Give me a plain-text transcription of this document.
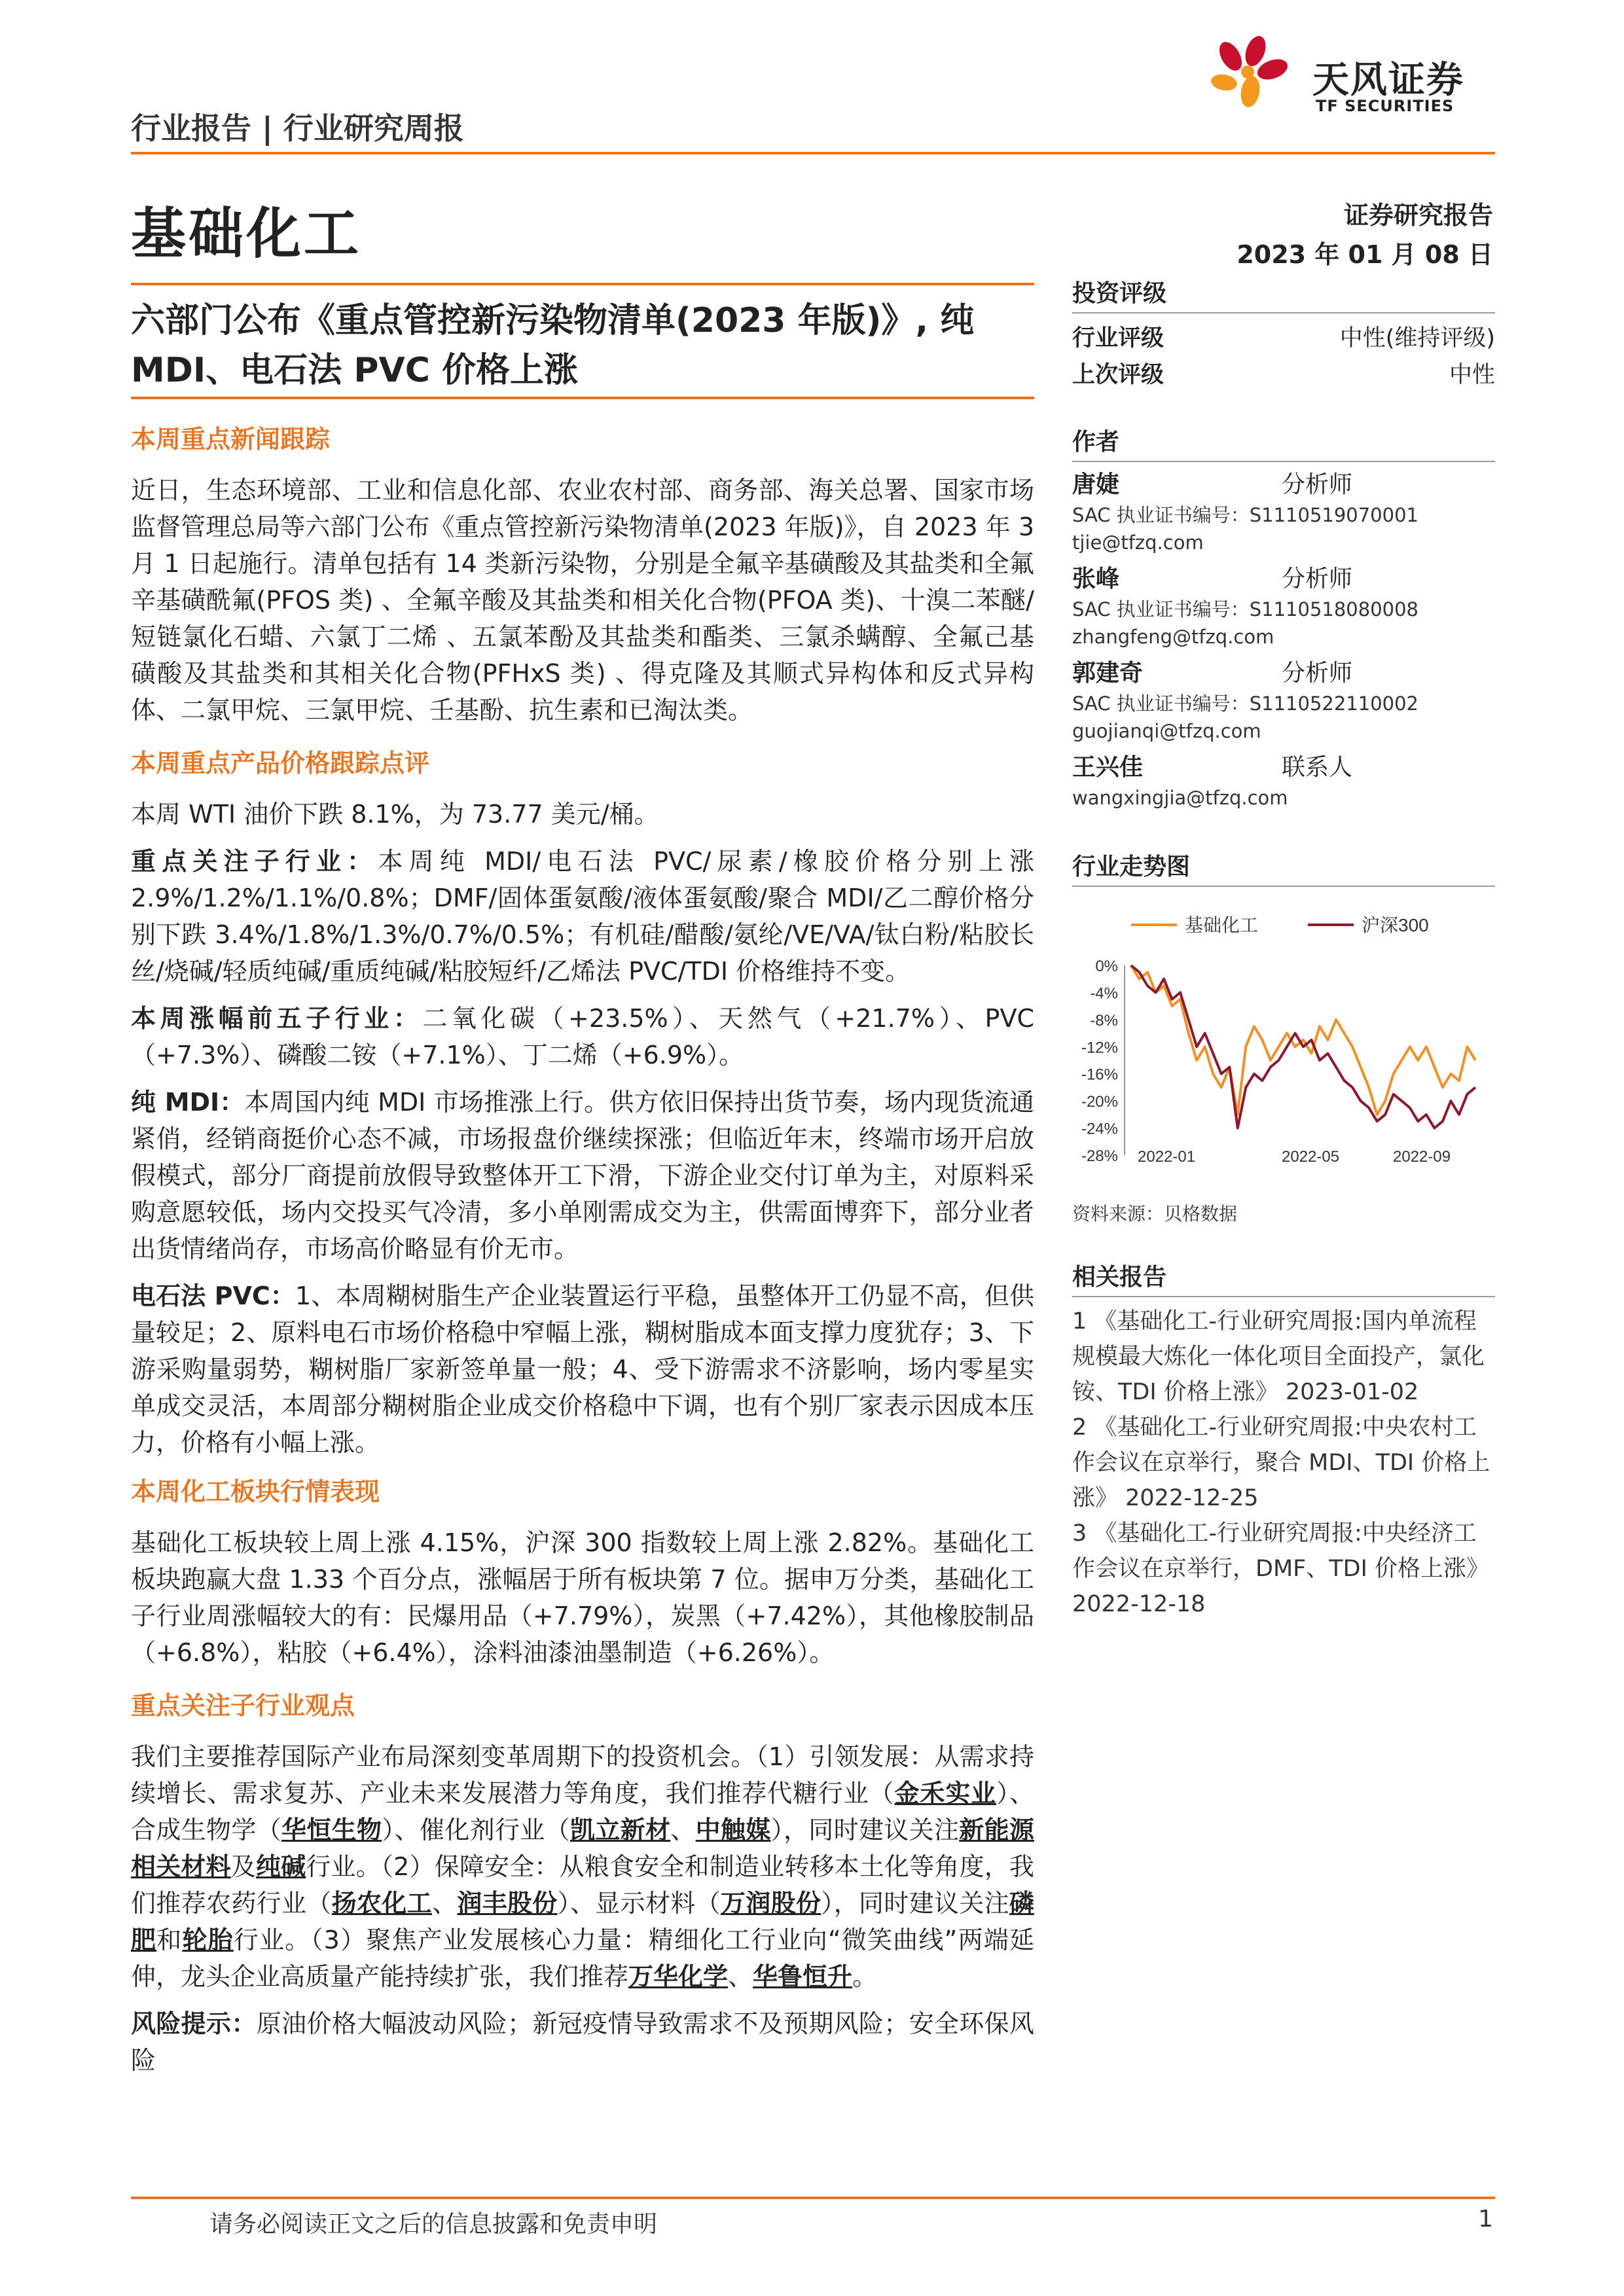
天风证券
TF SECURITIES
行业报告 | 行业研究周报
基础化工	证券研究报告
2023 年 01 月 08 日
六部门公布《重点管控新污染物清单(2023 年版)》, 纯
MDI、电石法 PVC 价格上涨
本周重点新闻跟踪
近日，生态环境部、工业和信息化部、农业农村部、商务部、海关总署、国家市场监督管理总局等六部门公布《重点管控新污染物清单(2023 年版)》，自 2023 年 3 月 1 日起施行。清单包括有 14 类新污染物，分别是全氟辛基磺酸及其盐类和全氟辛基磺酰氟(PFOS 类) 、全氟辛酸及其盐类和相关化合物(PFOA 类)、十溴二苯醚/短链氯化石蜡、六氯丁二烯 、五氯苯酚及其盐类和酯类、三氯杀螨醇、全氟己基磺酸及其盐类和其相关化合物(PFHxS 类) 、得克隆及其顺式异构体和反式异构体、二氯甲烷、三氯甲烷、壬基酚、抗生素和已淘汰类。
本周重点产品价格跟踪点评
本周 WTI 油价下跌 8.1%，为 73.77 美元/桶。
重点关注子行业：本周纯 MDI/电石法 PVC/尿素/橡胶价格分别上涨 2.9%/1.2%/1.1%/0.8%；DMF/固体蛋氨酸/液体蛋氨酸/聚合 MDI/乙二醇价格分别下跌 3.4%/1.8%/1.3%/0.7%/0.5%；有机硅/醋酸/氨纶/VE/VA/钛白粉/粘胶长丝/烧碱/轻质纯碱/重质纯碱/粘胶短纤/乙烯法 PVC/TDI 价格维持不变。
本周涨幅前五子行业：二氧化碳（+23.5%）、天然气（+21.7%）、PVC（+7.3%）、磷酸二铵（+7.1%）、丁二烯（+6.9%）。
纯 MDI：本周国内纯 MDI 市场推涨上行。供方依旧保持出货节奏，场内现货流通紧俏，经销商挺价心态不减，市场报盘价继续探涨；但临近年末，终端市场开启放假模式，部分厂商提前放假导致整体开工下滑，下游企业交付订单为主，对原料采购意愿较低，场内交投买气冷清，多小单刚需成交为主，供需面博弈下，部分业者出货情绪尚存，市场高价略显有价无市。
电石法 PVC：1、本周糊树脂生产企业装置运行平稳，虽整体开工仍显不高，但供量较足；2、原料电石市场价格稳中窄幅上涨，糊树脂成本面支撑力度犹存；3、下游采购量弱势，糊树脂厂家新签单量一般；4、受下游需求不济影响，场内零星实单成交灵活，本周部分糊树脂企业成交价格稳中下调，也有个别厂家表示因成本压力，价格有小幅上涨。
本周化工板块行情表现
基础化工板块较上周上涨 4.15%，沪深 300 指数较上周上涨 2.82%。基础化工板块跑赢大盘 1.33 个百分点，涨幅居于所有板块第 7 位。据申万分类，基础化工子行业周涨幅较大的有：民爆用品（+7.79%），炭黑（+7.42%），其他橡胶制品（+6.8%），粘胶（+6.4%），涂料油漆油墨制造（+6.26%）。
重点关注子行业观点
我们主要推荐国际产业布局深刻变革周期下的投资机会。（1）引领发展：从需求持续增长、需求复苏、产业未来发展潜力等角度，我们推荐代糖行业（金禾实业）、合成生物学（华恒生物）、催化剂行业（凯立新材、中触媒），同时建议关注新能源相关材料及纯碱行业。（2）保障安全：从粮食安全和制造业转移本土化等角度，我们推荐农药行业（扬农化工、润丰股份）、显示材料（万润股份），同时建议关注磷肥和轮胎行业。（3）聚焦产业发展核心力量：精细化工行业向“微笑曲线”两端延伸，龙头企业高质量产能持续扩张，我们推荐万华化学、华鲁恒升。
风险提示：原油价格大幅波动风险；新冠疫情导致需求不及预期风险；安全环保风险
投资评级
行业评级	中性(维持评级)
上次评级	中性
作者
唐婕	分析师
SAC 执业证书编号：S1110519070001
tjie@tfzq.com
张峰	分析师
SAC 执业证书编号：S1110518080008
zhangfeng@tfzq.com
郭建奇	分析师
SAC 执业证书编号：S1110522110002
guojianqi@tfzq.com
王兴佳	联系人
wangxingjia@tfzq.com
行业走势图
基础化工	沪深300
0%
-4%
-8%
-12%
-16%
-20%
-24%
-28% 2022-01	2022-05	2022-09
资料来源：贝格数据
相关报告
1 《基础化工-行业研究周报:国内单流程规模最大炼化一体化项目全面投产，氯化铵、TDI 价格上涨》 2023-01-02
2 《基础化工-行业研究周报:中央农村工作会议在京举行，聚合 MDI、TDI 价格上涨》 2022-12-25
3 《基础化工-行业研究周报:中央经济工作会议在京举行，DMF、TDI 价格上涨》 2022-12-18
请务必阅读正文之后的信息披露和免责申明	1
